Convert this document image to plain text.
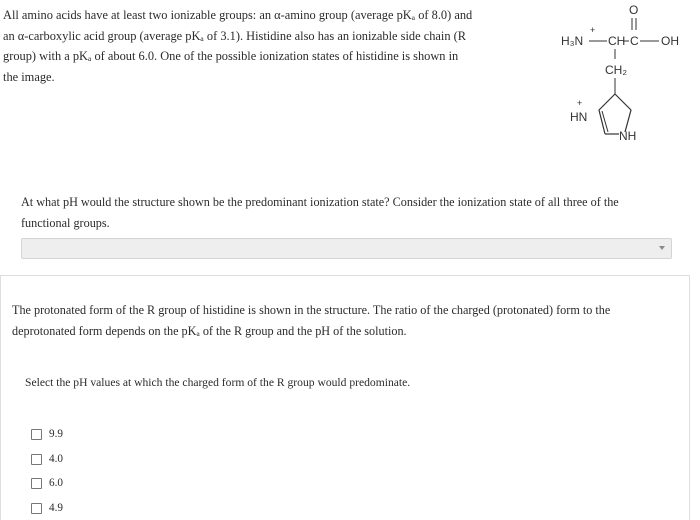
All amino acids have at least two ionizable groups: an α-amino group (average pKₐ of 8.0) and

an α-carboxylic acid group (average pKₐ of 3.1). Histidine also has an ionizable side chain (R

group) with a pKₐ of about 6.0. One of the possible ionization states of histidine is shown in

the image.

O
H₃N
+
CH C OH
CH₂
HN
+
NH

At what pH would the structure shown be the predominant ionization state? Consider the ionization state of all three of the

functional groups.

The protonated form of the R group of histidine is shown in the structure. The ratio of the charged (protonated) form to the

deprotonated form depends on the pKₐ of the R group and the pH of the solution.

Select the pH values at which the charged form of the R group would predominate.
9.9
4.0
6.0
4.9
